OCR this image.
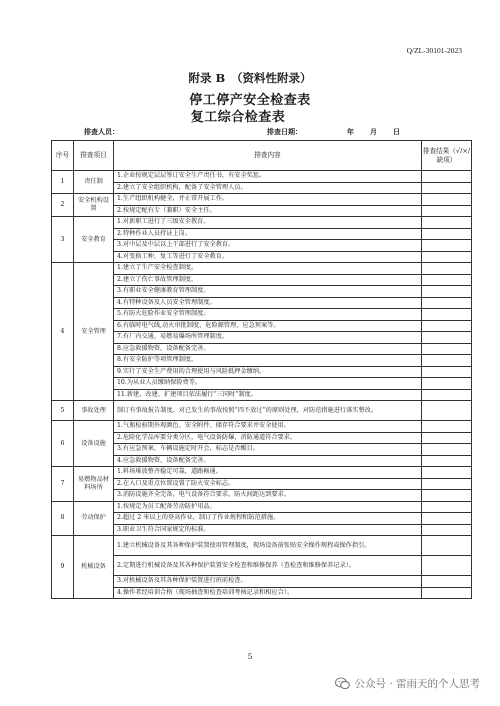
Q/ZL-30101-2023
附录 B　（资料性附录）
停工停产安全检查表
复工综合检查表
排查人员：	排查日期：	年 月 日
序号	排查项目	排查内容	排查结果（√/×/缺项）
1	责任制	1.企业按规定层层签订安全生产责任书，有安全奖惩。	
		2.建立了安全组织机构，配备了安全管理人员。	
2	安全机构设置	1.生产组织机构健全，并正常开展工作。	
		2.按规定配有专（兼职）安全主任。	
3	安全教育	1.对新职工进行了三级安全教育。	
		2.特种作业人员持证上岗。	
		3.对中层及中层以上干部进行了安全教育。	
		4.对变换工种，复工等进行了安全教育。	
4	安全管理	1.建立了生产安全检查制度。	
		2.建立了伤亡事故管理制度。	
		3.有职业安全健康教育管理制度。	
		4.有特种设备及人员安全管理制度。	
		5.有防火危险作业安全管理制度。	
		6.有临时电气线,动火审批制度，危险源管理，应急预案等。	
		7.有厂内交通，易燃易爆场所管理制度。	
		8.应急救援物资，设备配备完善。	
		8.有安全防护等项管理制度。	
		9.实行了安全生产费用的合理使用与风险抵押金缴纳。	
		10.为从业人员缴纳保险费等。	
		11.新建、改建、扩建项目依法履行“三同时”制度。	
5	事故处理	制订有事故报告制度、对已发生的事故按照“四不放过”的原则处理，对防范措施进行落实整改。	
6	设备设施	1.气瓶检验期外观颜色、安全附件、储存符合要求并安全使用。	
		2.危险化学品库要分类分区，电气设备防爆，消防通道符合要求。	
		3.有应急预案，车辆设施定时开会，标志是否醒目。	
		4.应急救援物资、设备配备完善。	
7	易燃物品材料场所	1.料场堆放整齐稳定可靠，道路畅通。	
		2.在入口及重点位置设置了防火安全标志。	
		3.消防设施齐全完备，电气设备符合要求，防火间距达到要求。	
8	劳动保护	1.按规定为员工配备劳动防护用品。	
		2.超过 2 米以上的登高作业，制订了作业规程和防范措施。	
		3.职业卫生符合国家规定的标准。	
9	机械设备	1.建立机械设备及其各种保护装置使用管理制度，现场设备前张贴安全操作规程或操作指引。	
		2.定期进行机械设备及其各种保护装置安全检查和维修保养（查检查和维修保养记录）。	
		3.对机械设备及其各种保护装置进行班前检查。	
		4.操作者经培训合格（现场抽查和检查培训考核记录和相应合）。	
5
公众号 · 雷雨天的个人思考
